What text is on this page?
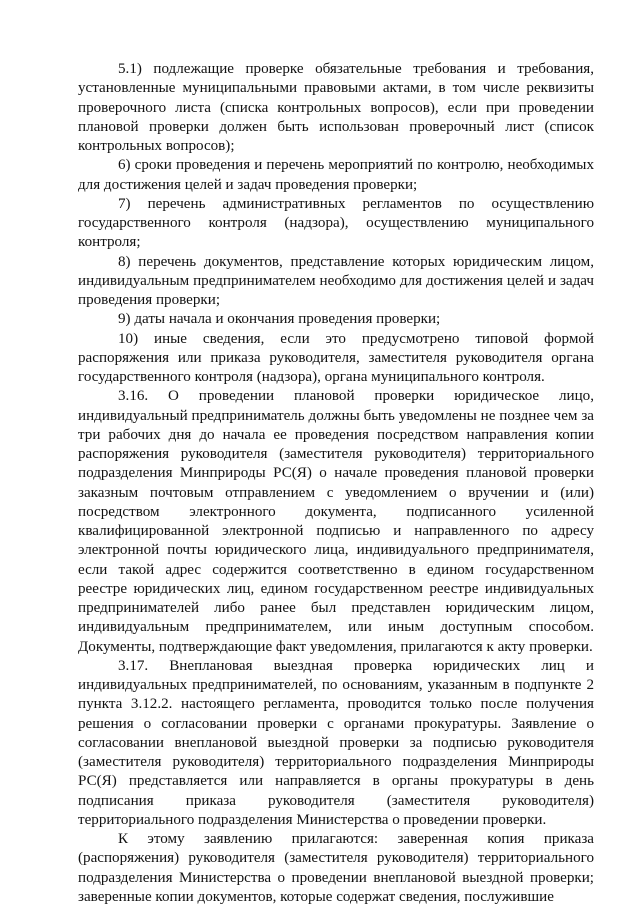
5.1) подлежащие проверке обязательные требования и требования, установленные муниципальными правовыми актами, в том числе реквизиты проверочного листа (списка контрольных вопросов), если при проведении плановой проверки должен быть использован проверочный лист (список контрольных вопросов);

6) сроки проведения и перечень мероприятий по контролю, необходимых для достижения целей и задач проведения проверки;

7) перечень административных регламентов по осуществлению государственного контроля (надзора), осуществлению муниципального контроля;

8) перечень документов, представление которых юридическим лицом, индивидуальным предпринимателем необходимо для достижения целей и задач проведения проверки;

9) даты начала и окончания проведения проверки;

10) иные сведения, если это предусмотрено типовой формой распоряжения или приказа руководителя, заместителя руководителя органа государственного контроля (надзора), органа муниципального контроля.

3.16. О проведении плановой проверки юридическое лицо, индивидуальный предприниматель должны быть уведомлены не позднее чем за три рабочих дня до начала ее проведения посредством направления копии распоряжения руководителя (заместителя руководителя) территориального подразделения Минприроды РС(Я) о начале проведения плановой проверки заказным почтовым отправлением с уведомлением о вручении и (или) посредством электронного документа, подписанного усиленной квалифицированной электронной подписью и направленного по адресу электронной почты юридического лица, индивидуального предпринимателя, если такой адрес содержится соответственно в едином государственном реестре юридических лиц, едином государственном реестре индивидуальных предпринимателей либо ранее был представлен юридическим лицом, индивидуальным предпринимателем, или иным доступным способом. Документы, подтверждающие факт уведомления, прилагаются к акту проверки.

3.17. Внеплановая выездная проверка юридических лиц и индивидуальных предпринимателей, по основаниям, указанным в подпункте 2 пункта 3.12.2. настоящего регламента, проводится только после получения решения о согласовании проверки с органами прокуратуры. Заявление о согласовании внеплановой выездной проверки за подписью руководителя (заместителя руководителя) территориального подразделения Минприроды РС(Я) представляется или направляется в органы прокуратуры в день подписания приказа руководителя (заместителя руководителя) территориального подразделения Министерства о проведении проверки.

К этому заявлению прилагаются: заверенная копия приказа (распоряжения) руководителя (заместителя руководителя) территориального подразделения Министерства о проведении внеплановой выездной проверки; заверенные копии документов, которые содержат сведения, послужившие
